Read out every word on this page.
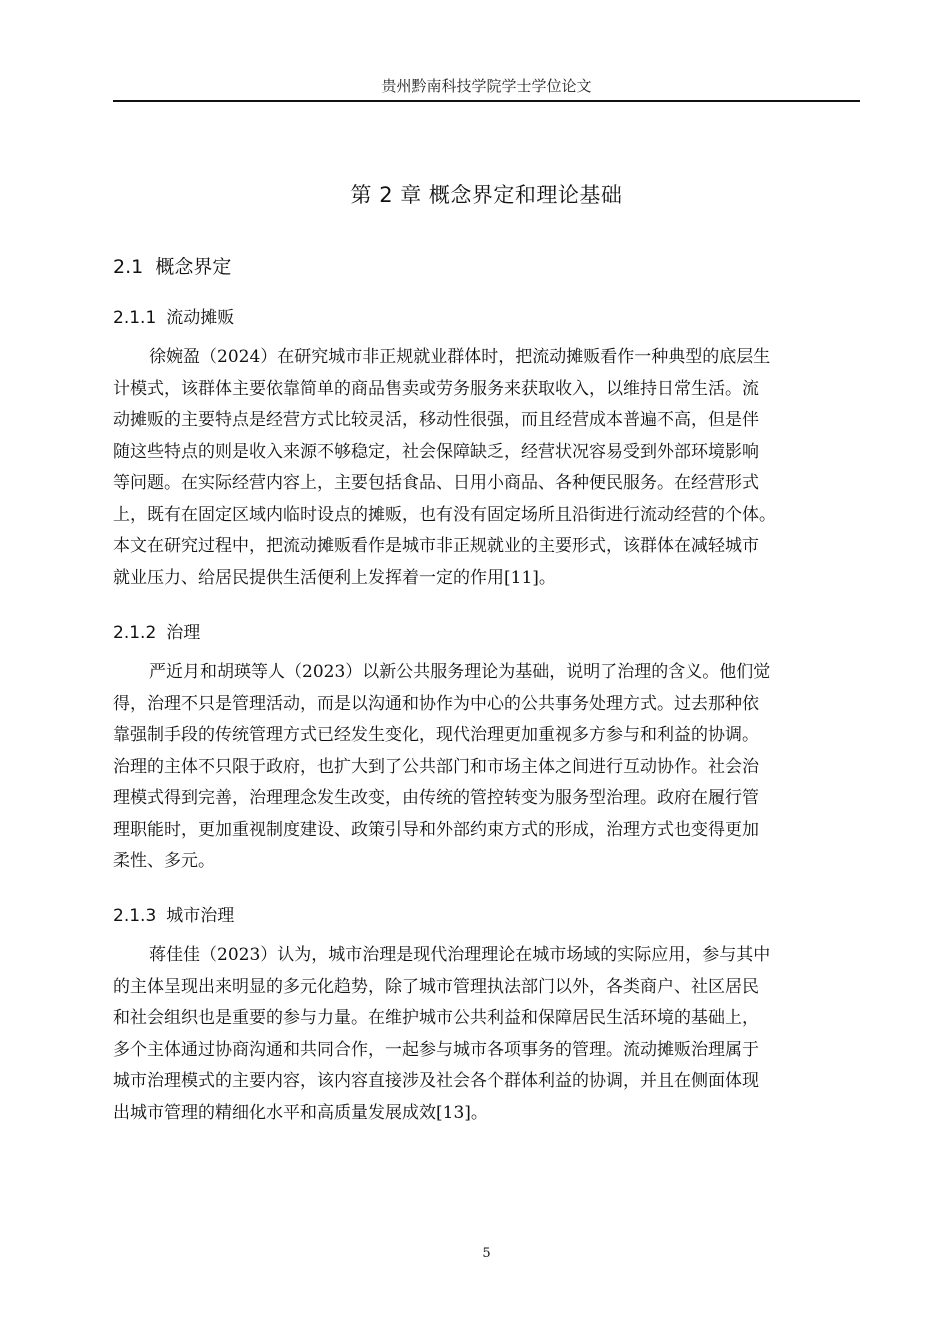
贵州黔南科技学院学士学位论文
第 2 章 概念界定和理论基础
2.1 概念界定
2.1.1 流动摊贩
徐婉盈（2024）在研究城市非正规就业群体时，把流动摊贩看作一种典型的底层生
计模式，该群体主要依靠简单的商品售卖或劳务服务来获取收入，以维持日常生活。流
动摊贩的主要特点是经营方式比较灵活，移动性很强，而且经营成本普遍不高，但是伴
随这些特点的则是收入来源不够稳定，社会保障缺乏，经营状况容易受到外部环境影响
等问题。在实际经营内容上，主要包括食品、日用小商品、各种便民服务。在经营形式
上，既有在固定区域内临时设点的摊贩，也有没有固定场所且沿街进行流动经营的个体。
本文在研究过程中，把流动摊贩看作是城市非正规就业的主要形式，该群体在减轻城市
就业压力、给居民提供生活便利上发挥着一定的作用[11]。
2.1.2 治理
严近月和胡瑛等人（2023）以新公共服务理论为基础，说明了治理的含义。他们觉
得，治理不只是管理活动，而是以沟通和协作为中心的公共事务处理方式。过去那种依
靠强制手段的传统管理方式已经发生变化，现代治理更加重视多方参与和利益的协调。
治理的主体不只限于政府，也扩大到了公共部门和市场主体之间进行互动协作。社会治
理模式得到完善，治理理念发生改变，由传统的管控转变为服务型治理。政府在履行管
理职能时，更加重视制度建设、政策引导和外部约束方式的形成，治理方式也变得更加
柔性、多元。
2.1.3 城市治理
蒋佳佳（2023）认为，城市治理是现代治理理论在城市场域的实际应用，参与其中
的主体呈现出来明显的多元化趋势，除了城市管理执法部门以外，各类商户、社区居民
和社会组织也是重要的参与力量。在维护城市公共利益和保障居民生活环境的基础上，
多个主体通过协商沟通和共同合作，一起参与城市各项事务的管理。流动摊贩治理属于
城市治理模式的主要内容，该内容直接涉及社会各个群体利益的协调，并且在侧面体现
出城市管理的精细化水平和高质量发展成效[13]。
5
